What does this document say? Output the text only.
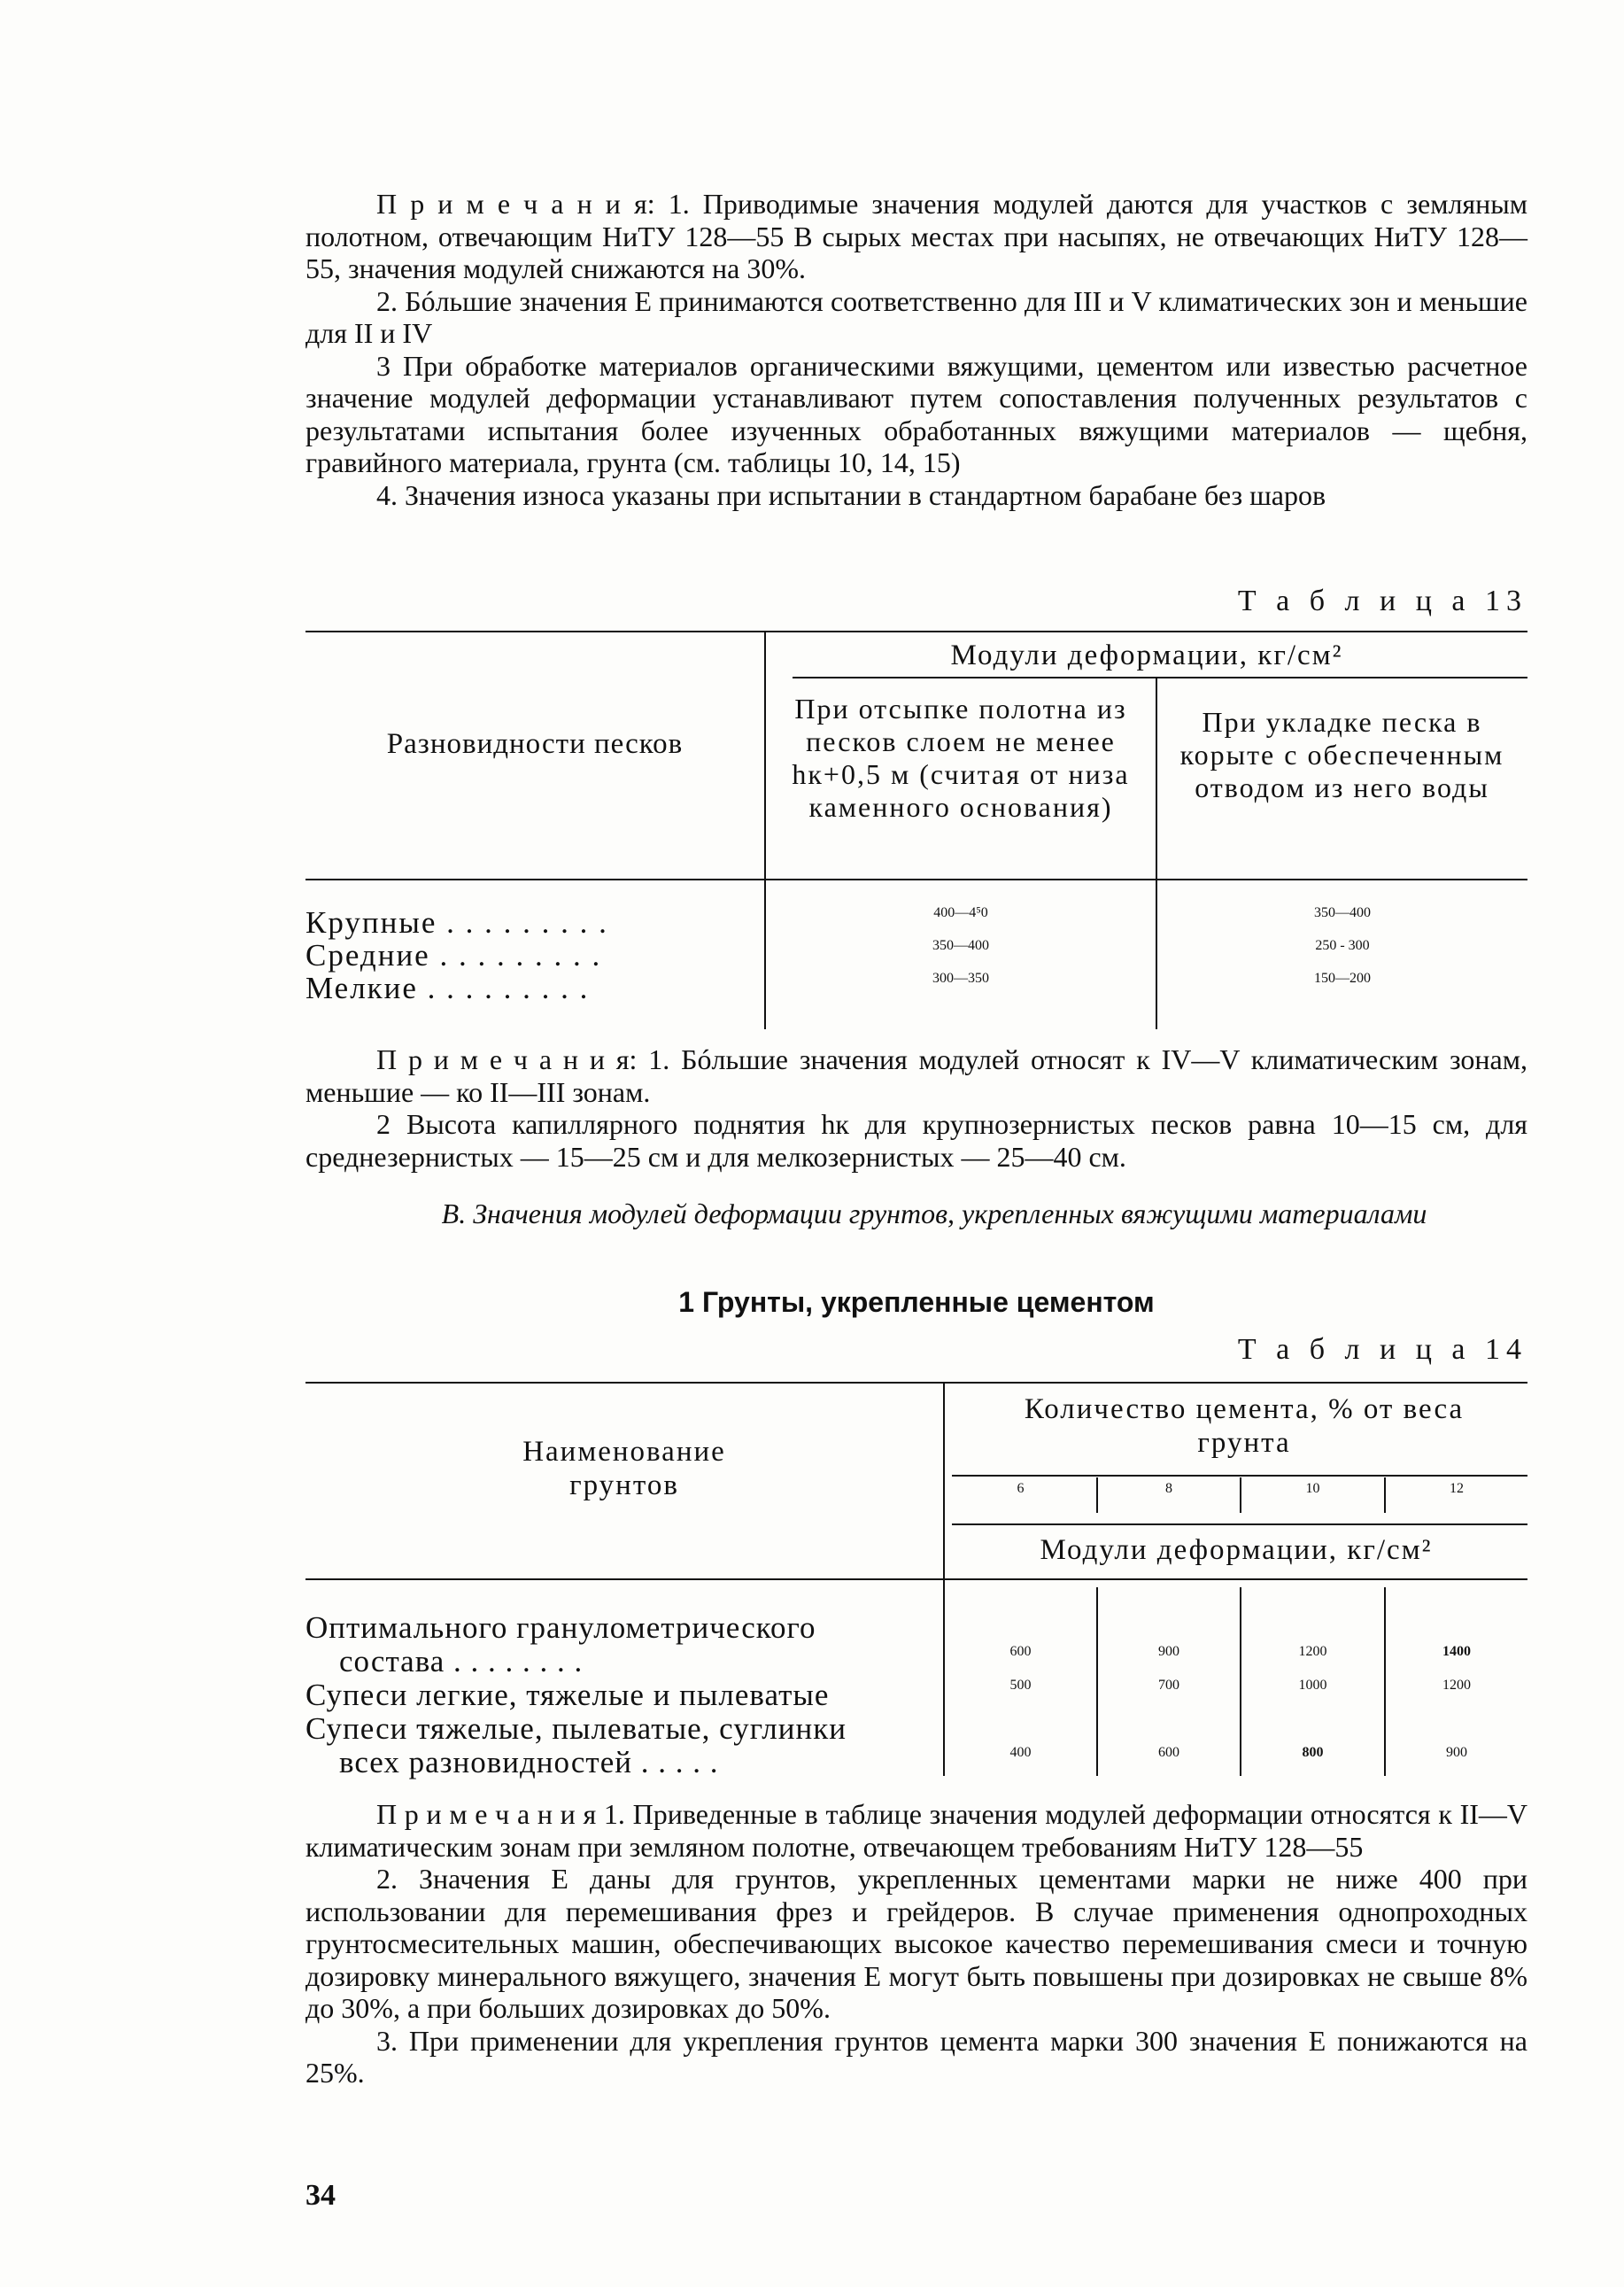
П р и м е ч а н и я: 1. Приводимые значения модулей даются для участков с земляным полотном, отвечающим НиТУ 128—55 В сырых местах при насыпях, не отвечающих НиТУ 128—55, значения модулей снижаются на 30%.

2. Бóльшие значения Е принимаются соответственно для III и V климатических зон и меньшие для II и IV

3 При обработке материалов органическими вяжущими, цементом или известью расчетное значение модулей деформации устанавливают путем сопоставления полученных результатов с результатами испытания более изученных обработанных вяжущими материалов — щебня, гравийного материала, грунта (см. таблицы 10, 14, 15)

4. Значения износа указаны при испытании в стандартном барабане без шаров

Т а б л и ц а 13

Разновидности песков
Модули деформации, кг/см²
При отсыпке полотна из песков слоем не менее hк+0,5 м (считая от низа каменного основания)
При укладке песка в корыте с обеспеченным отводом из него воды
Крупные . . . . . . . . .	400—4⁵0	350—400
Средние . . . . . . . . .	350—400	250 - 300
Мелкие . . . . . . . . .	300—350	150—200

П р и м е ч а н и я: 1. Бóльшие значения модулей относят к IV—V климатическим зонам, меньшие — ко II—III зонам.

2 Высота капиллярного поднятия hк для крупнозернистых песков равна 10—15 см, для среднезернистых — 15—25 см и для мелкозернистых — 25—40 см.

В. Значения модулей деформации грунтов, укрепленных вяжущими материалами
1 Грунты, укрепленные цементом

Т а б л и ц а 14

Наименование грунтов
Количество цемента, % от веса грунта
6	8	10	12
Модули деформации, кг/см²
Оптимального гранулометрического
состава . . . . . . . .	600	900	1200	1400
Супеси легкие, тяжелые и пылеватые	500	700	1000	1200
Супеси тяжелые, пылеватые, суглинки
всех разновидностей . . . . .	400	600	800	900

П р и м е ч а н и я 1. Приведенные в таблице значения модулей деформации относятся к II—V климатическим зонам при земляном полотне, отвечающем требованиям НиТУ 128—55

2. Значения Е даны для грунтов, укрепленных цементами марки не ниже 400 при использовании для перемешивания фрез и грейдеров. В случае применения однопроходных грунтосмесительных машин, обеспечивающих высокое качество перемешивания смеси и точную дозировку минерального вяжущего, значения Е могут быть повышены при дозировках не свыше 8% до 30%, а при больших дозировках до 50%.

3. При применении для укрепления грунтов цемента марки 300 значения Е понижаются на 25%.

34
